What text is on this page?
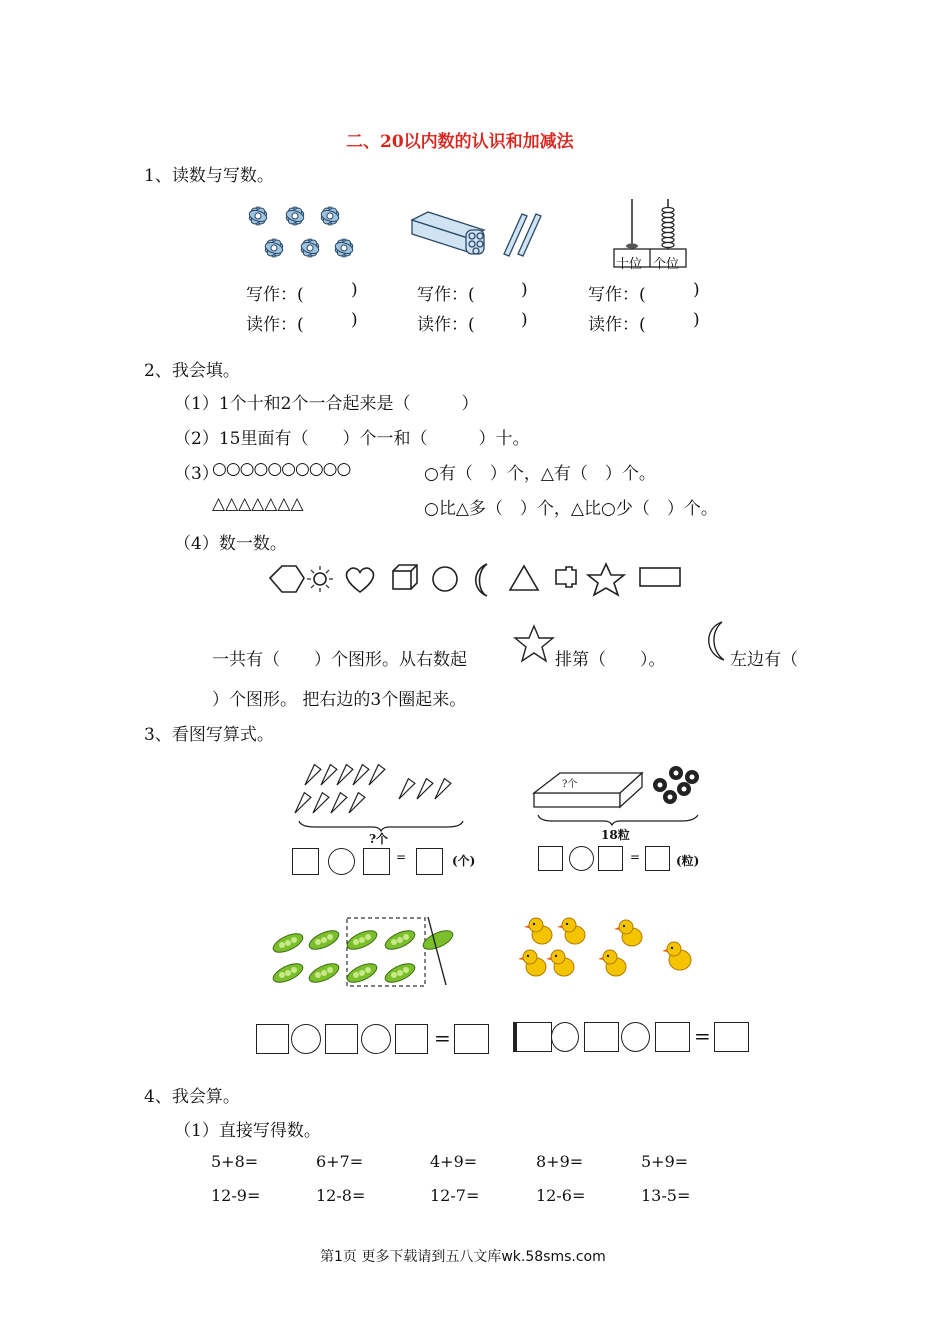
二、20以内数的认识和加减法
1、读数与写数。
十位 个位
写作：(	)	写作：(	)	写作：(	)
读作：(	)	读作：(	)	读作：(	)
2、我会填。
（1）1个十和2个一合起来是（　　　）
（2）15里面有（　　）个一和（　　　）十。
（3）
○○○○○○○○○○	○有（　）个，△有（　）个。
△△△△△△△	○比△多（　）个，△比○少（　）个。
（4）数一数。
一共有（　　）个图形。从右数起	排第（　　）。	左边有（
）个图形。 把右边的3个圈起来。
3、看图写算式。
?个
?个
18粒
=	(个)	=	(粒)
=	=
4、我会算。
（1）直接写得数。
5+8=	6+7=	4+9=	8+9=	5+9=
12-9=	12-8=	12-7=	12-6=	13-5=
第1页 更多下载请到五八文库wk.58sms.com
